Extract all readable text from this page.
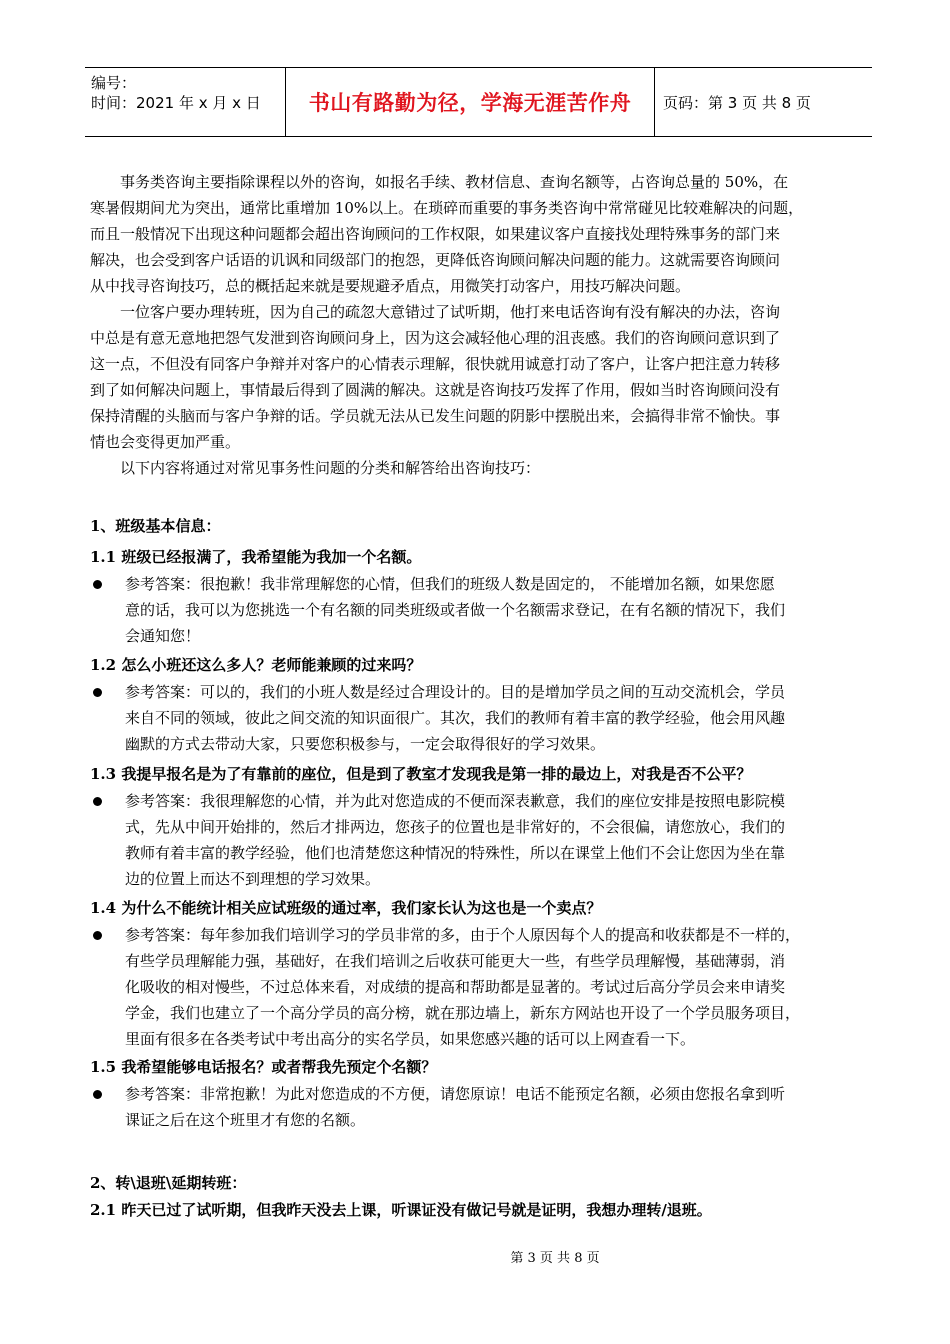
编号：
时间：2021 年 x 月 x 日 书山有路勤为径，学海无涯苦作舟 页码：第 3 页 共 8 页
　　事务类咨询主要指除课程以外的咨询，如报名手续、教材信息、查询名额等，占咨询总量的 50%，在
寒暑假期间尤为突出，通常比重增加 10%以上。在琐碎而重要的事务类咨询中常常碰见比较难解决的问题，
而且一般情况下出现这种问题都会超出咨询顾问的工作权限，如果建议客户直接找处理特殊事务的部门来
解决，也会受到客户话语的讥讽和同级部门的抱怨，更降低咨询顾问解决问题的能力。这就需要咨询顾问
从中找寻咨询技巧，总的概括起来就是要规避矛盾点，用微笑打动客户，用技巧解决问题。
　　一位客户要办理转班，因为自己的疏忽大意错过了试听期，他打来电话咨询有没有解决的办法，咨询
中总是有意无意地把怨气发泄到咨询顾问身上，因为这会减轻他心理的沮丧感。我们的咨询顾问意识到了
这一点，不但没有同客户争辩并对客户的心情表示理解，很快就用诚意打动了客户，让客户把注意力转移
到了如何解决问题上，事情最后得到了圆满的解决。这就是咨询技巧发挥了作用，假如当时咨询顾问没有
保持清醒的头脑而与客户争辩的话。学员就无法从已发生问题的阴影中摆脱出来，会搞得非常不愉快。事
情也会变得更加严重。
　　以下内容将通过对常见事务性问题的分类和解答给出咨询技巧：
1、班级基本信息：
1.1 班级已经报满了，我希望能为我加一个名额。
参考答案：很抱歉！我非常理解您的心情，但我们的班级人数是固定的， 不能增加名额，如果您愿
意的话，我可以为您挑选一个有名额的同类班级或者做一个名额需求登记，在有名额的情况下，我们
会通知您！
1.2 怎么小班还这么多人？老师能兼顾的过来吗？
参考答案：可以的，我们的小班人数是经过合理设计的。目的是增加学员之间的互动交流机会，学员
来自不同的领域，彼此之间交流的知识面很广。其次，我们的教师有着丰富的教学经验，他会用风趣
幽默的方式去带动大家，只要您积极参与，一定会取得很好的学习效果。
1.3 我提早报名是为了有靠前的座位，但是到了教室才发现我是第一排的最边上，对我是否不公平？
参考答案：我很理解您的心情，并为此对您造成的不便而深表歉意，我们的座位安排是按照电影院模
式，先从中间开始排的，然后才排两边，您孩子的位置也是非常好的，不会很偏，请您放心，我们的
教师有着丰富的教学经验，他们也清楚您这种情况的特殊性，所以在课堂上他们不会让您因为坐在靠
边的位置上而达不到理想的学习效果。
1.4 为什么不能统计相关应试班级的通过率，我们家长认为这也是一个卖点？
参考答案：每年参加我们培训学习的学员非常的多，由于个人原因每个人的提高和收获都是不一样的，
有些学员理解能力强，基础好，在我们培训之后收获可能更大一些，有些学员理解慢，基础薄弱，消
化吸收的相对慢些，不过总体来看，对成绩的提高和帮助都是显著的。考试过后高分学员会来申请奖
学金，我们也建立了一个高分学员的高分榜，就在那边墙上，新东方网站也开设了一个学员服务项目，
里面有很多在各类考试中考出高分的实名学员，如果您感兴趣的话可以上网查看一下。
1.5 我希望能够电话报名？或者帮我先预定个名额？
参考答案：非常抱歉！为此对您造成的不方便，请您原谅！电话不能预定名额，必须由您报名拿到听
课证之后在这个班里才有您的名额。
2、转\退班\延期转班：
2.1 昨天已过了试听期，但我昨天没去上课，听课证没有做记号就是证明，我想办理转/退班。
第 3 页 共 8 页
